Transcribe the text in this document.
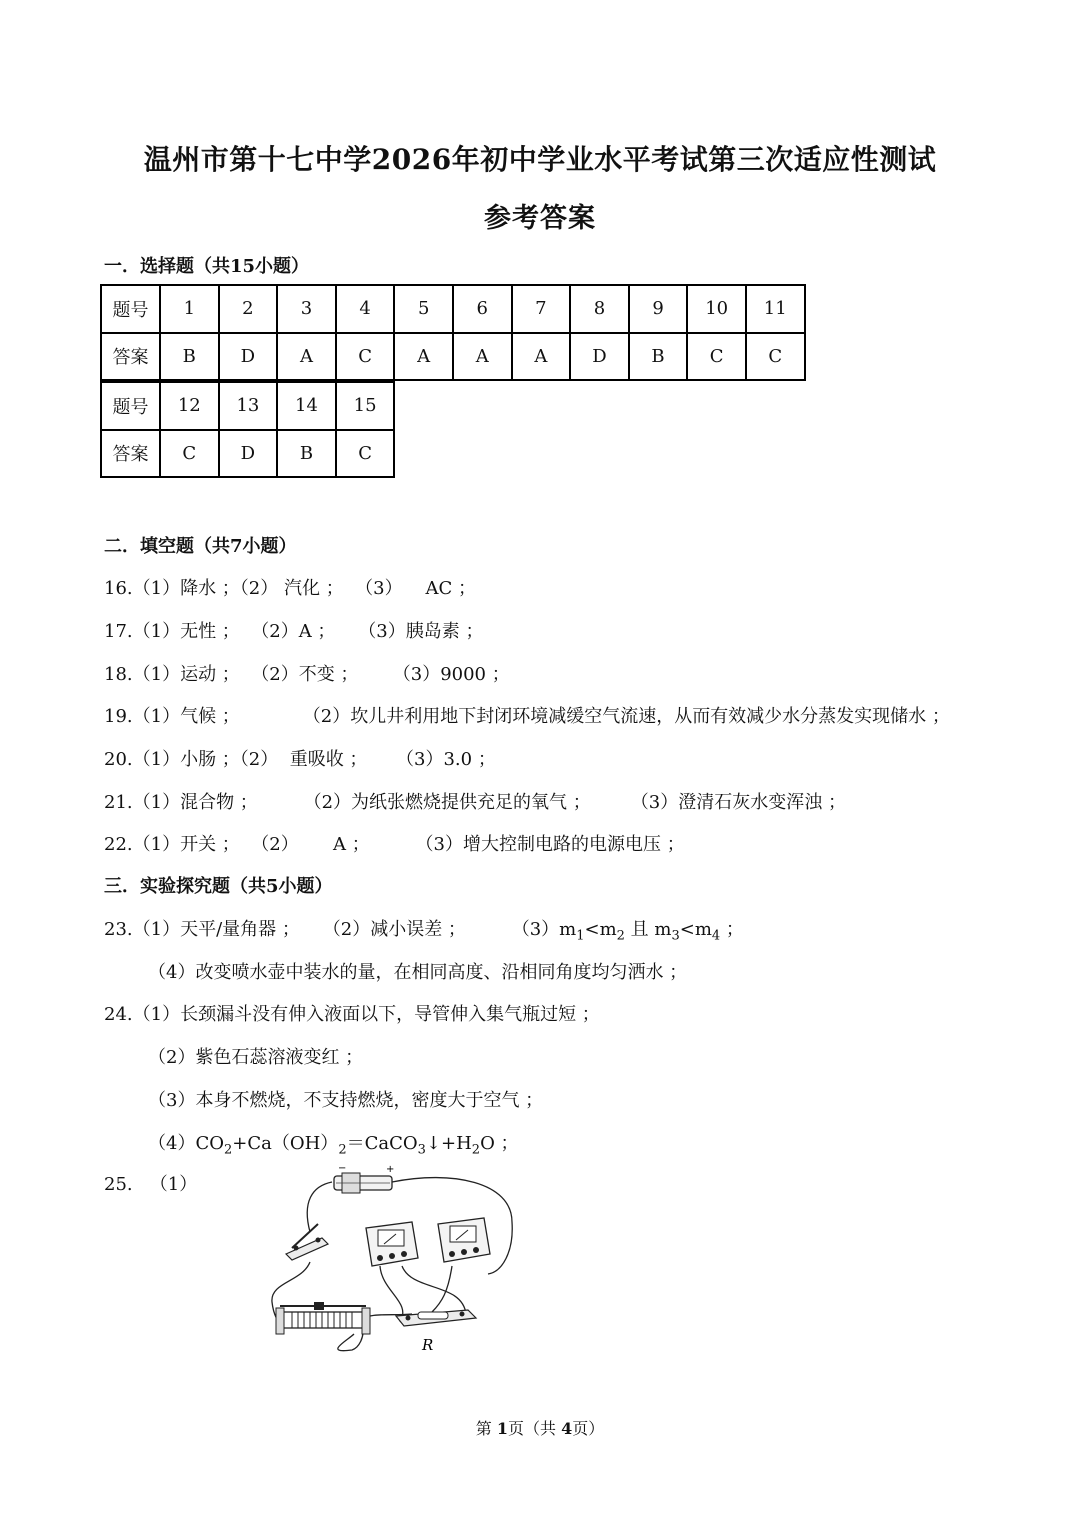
温州市第十七中学2026年初中学业水平考试第三次适应性测试
参考答案
一．选择题（共15小题）
题号	1	2	3	4	5	6	7	8	9	10	11
答案	B	D	A	C	A	A	A	D	B	C	C
题号	12	13	14	15
答案	C	D	B	C
二．填空题（共7小题）
16.（1）降水 ；（2） 汽化 ；  （3）    AC ；
17.（1）无性 ；  （2）A ；    （3）胰岛素 ；
18.（1）运动 ；  （2）不变 ；      （3）9000 ；
19.（1）气候 ；           （2）坎儿井利用地下封闭环境减缓空气流速，从而有效减少水分蒸发实现储水 ；
20.（1）小肠 ；（2）  重吸收 ；     （3）3.0 ；
21.（1）混合物 ；        （2）为纸张燃烧提供充足的氧气 ；       （3）澄清石灰水变浑浊 ；
22.（1）开关 ；  （2）      A ；        （3）增大控制电路的电源电压 ；
三．实验探究题（共5小题）
23.（1）天平/量角器 ；    （2）减小误差 ；        $(3)m_1<m_2$ 且 $m_3<m_4$ ；
（4）改变喷水壶中装水的量，在相同高度、沿相同角度均匀洒水 ；
24.（1）长颈漏斗没有伸入液面以下，导管伸入集气瓶过短 ；
（2）紫色石蕊溶液变红 ；
（3）本身不燃烧，不支持燃烧，密度大于空气 ；
$(4)CO_2+Ca(OH)_2=CaCO_3↓+H_2O$ ；
25.   （1）
−	+
R
第 1页（共 4页）
